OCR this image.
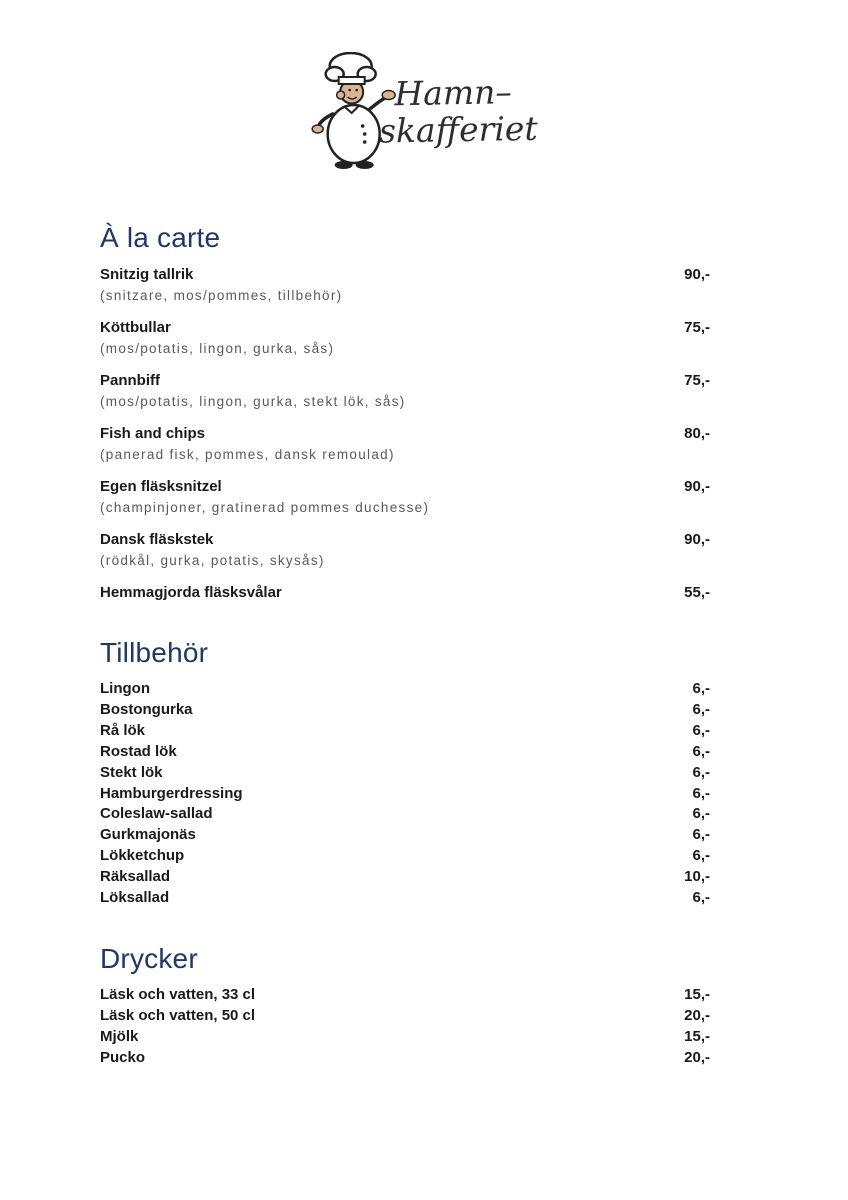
Hamn–
skafferiet
À la carte
Snitzig tallrik	90,-
(snitzare, mos/pommes, tillbehör)
Köttbullar	75,-
(mos/potatis, lingon, gurka, sås)
Pannbiff	75,-
(mos/potatis, lingon, gurka, stekt lök, sås)
Fish and chips	80,-
(panerad fisk, pommes, dansk remoulad)
Egen fläsksnitzel	90,-
(champinjoner, gratinerad pommes duchesse)
Dansk fläskstek	90,-
(rödkål, gurka, potatis, skysås)
Hemmagjorda fläsksvålar	55,-
Tillbehör
Lingon	6,-
Bostongurka	6,-
Rå lök	6,-
Rostad lök	6,-
Stekt lök	6,-
Hamburgerdressing	6,-
Coleslaw-sallad	6,-
Gurkmajonäs	6,-
Lökketchup	6,-
Räksallad	10,-
Löksallad	6,-
Drycker
Läsk och vatten, 33 cl	15,-
Läsk och vatten, 50 cl	20,-
Mjölk	15,-
Pucko	20,-
